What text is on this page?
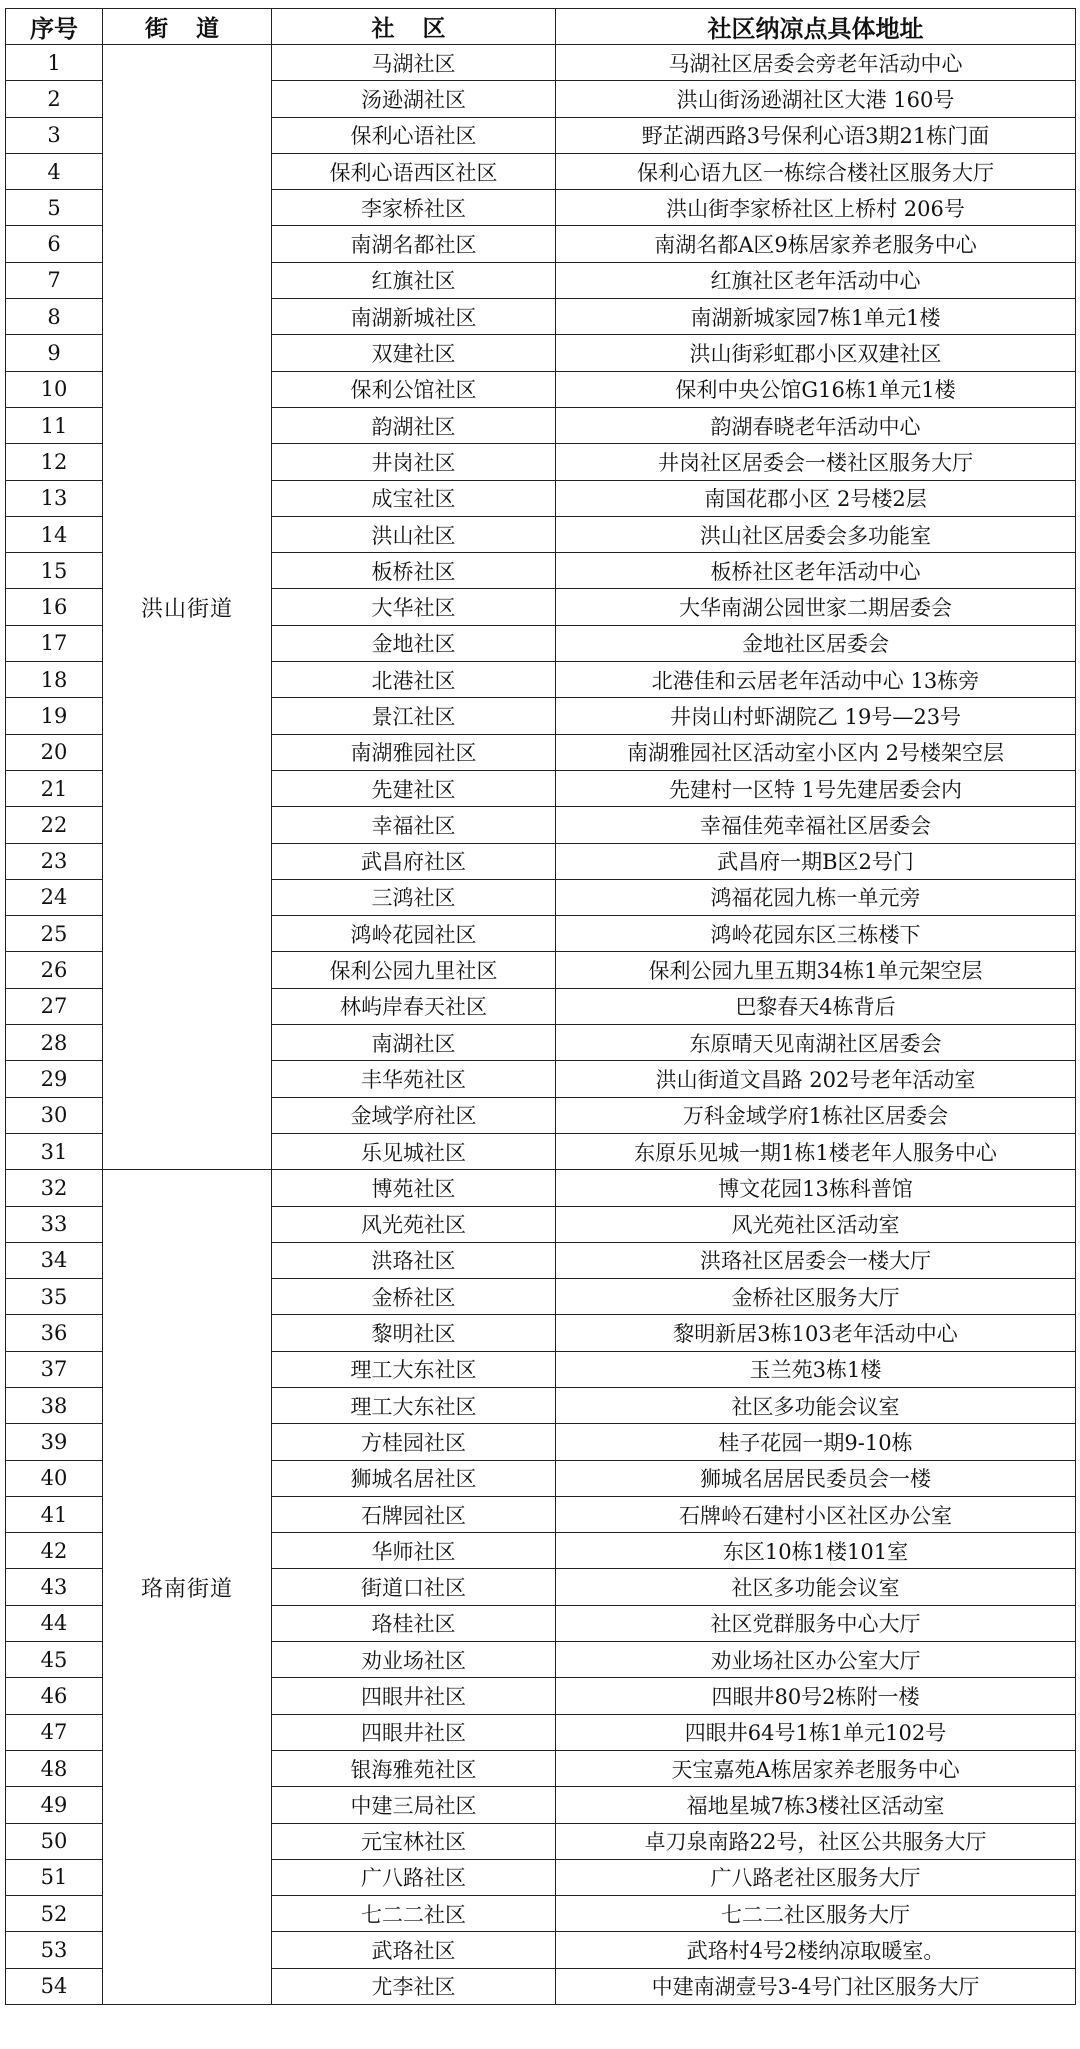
序号	街 道	社 区	社区纳凉点具体地址
1	洪山街道	马湖社区	马湖社区居委会旁老年活动中心
2		汤逊湖社区	洪山街汤逊湖社区大港 160号
3		保利心语社区	野芷湖西路3号保利心语3期21栋门面
4		保利心语西区社区	保利心语九区一栋综合楼社区服务大厅
5		李家桥社区	洪山街李家桥社区上桥村 206号
6		南湖名都社区	南湖名都A区9栋居家养老服务中心
7		红旗社区	红旗社区老年活动中心
8		南湖新城社区	南湖新城家园7栋1单元1楼
9		双建社区	洪山街彩虹郡小区双建社区
10		保利公馆社区	保利中央公馆G16栋1单元1楼
11		韵湖社区	韵湖春晓老年活动中心
12		井岗社区	井岗社区居委会一楼社区服务大厅
13		成宝社区	南国花郡小区 2号楼2层
14		洪山社区	洪山社区居委会多功能室
15		板桥社区	板桥社区老年活动中心
16		大华社区	大华南湖公园世家二期居委会
17		金地社区	金地社区居委会
18		北港社区	北港佳和云居老年活动中心 13栋旁
19		景江社区	井岗山村虾湖院乙 19号—23号
20		南湖雅园社区	南湖雅园社区活动室小区内 2号楼架空层
21		先建社区	先建村一区特 1号先建居委会内
22		幸福社区	幸福佳苑幸福社区居委会
23		武昌府社区	武昌府一期B区2号门
24		三鸿社区	鸿福花园九栋一单元旁
25		鸿岭花园社区	鸿岭花园东区三栋楼下
26		保利公园九里社区	保利公园九里五期34栋1单元架空层
27		林屿岸春天社区	巴黎春天4栋背后
28		南湖社区	东原晴天见南湖社区居委会
29		丰华苑社区	洪山街道文昌路 202号老年活动室
30		金域学府社区	万科金域学府1栋社区居委会
31		乐见城社区	东原乐见城一期1栋1楼老年人服务中心
32	珞南街道	博苑社区	博文花园13栋科普馆
33		风光苑社区	风光苑社区活动室
34		洪珞社区	洪珞社区居委会一楼大厅
35		金桥社区	金桥社区服务大厅
36		黎明社区	黎明新居3栋103老年活动中心
37		理工大东社区	玉兰苑3栋1楼
38		理工大东社区	社区多功能会议室
39		方桂园社区	桂子花园一期9-10栋
40		狮城名居社区	狮城名居居民委员会一楼
41		石牌园社区	石牌岭石建村小区社区办公室
42		华师社区	东区10栋1楼101室
43		街道口社区	社区多功能会议室
44		珞桂社区	社区党群服务中心大厅
45		劝业场社区	劝业场社区办公室大厅
46		四眼井社区	四眼井80号2栋附一楼
47		四眼井社区	四眼井64号1栋1单元102号
48		银海雅苑社区	天宝嘉苑A栋居家养老服务中心
49		中建三局社区	福地星城7栋3楼社区活动室
50		元宝林社区	卓刀泉南路22号，社区公共服务大厅
51		广八路社区	广八路老社区服务大厅
52		七二二社区	七二二社区服务大厅
53		武珞社区	武珞村4号2楼纳凉取暖室。
54		尤李社区	中建南湖壹号3-4号门社区服务大厅
